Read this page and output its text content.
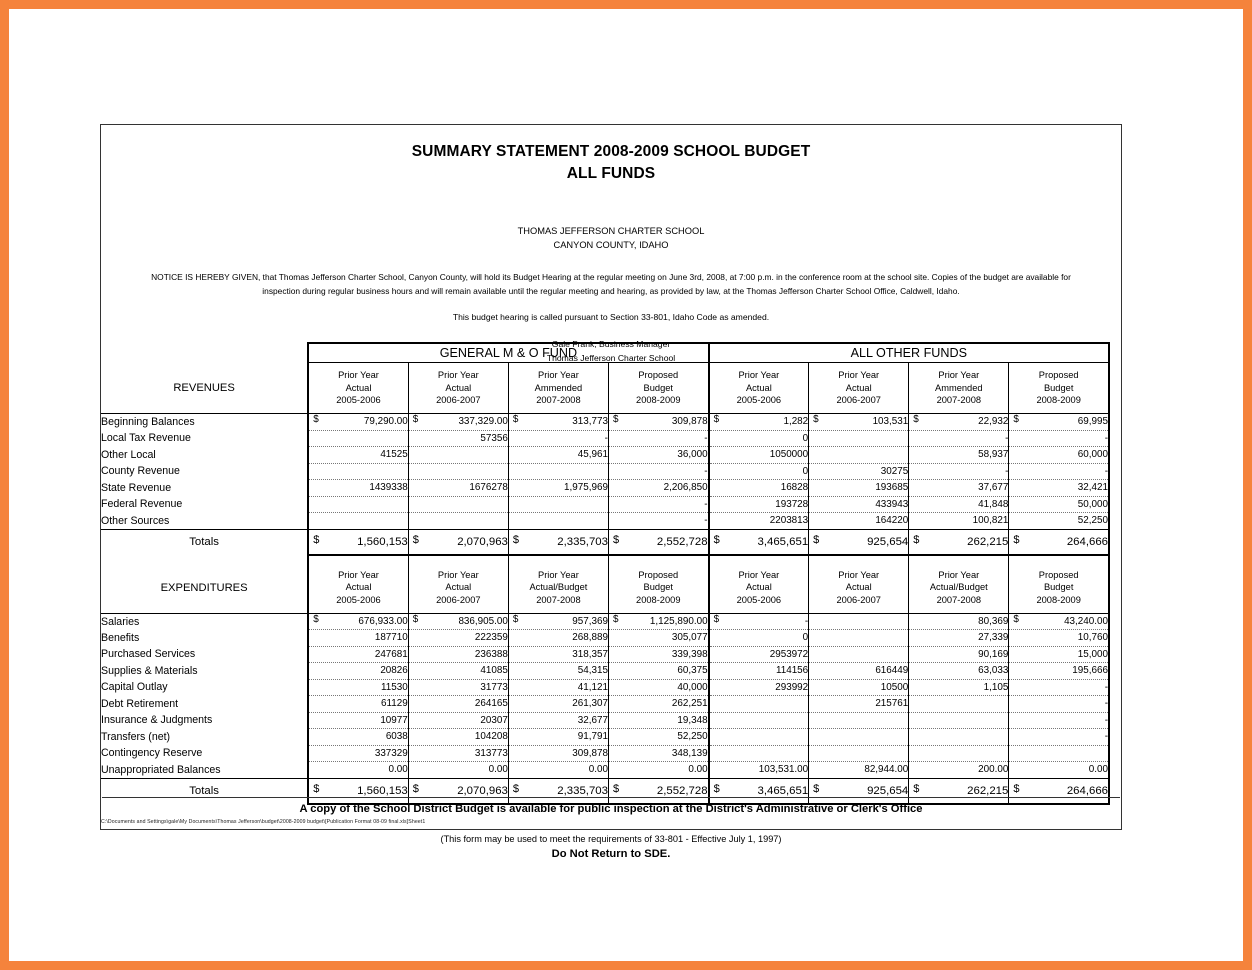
SUMMARY STATEMENT 2008-2009 SCHOOL BUDGET
ALL FUNDS
THOMAS JEFFERSON CHARTER SCHOOL
CANYON COUNTY, IDAHO
NOTICE IS HEREBY GIVEN, that Thomas Jefferson Charter School, Canyon County, will hold its Budget Hearing at the regular meeting on June 3rd, 2008, at 7:00 p.m. in the conference room at the school site. Copies of the budget are available for
inspection during regular business hours and will remain available until the regular meeting and hearing, as provided by law, at the Thomas Jefferson Charter School Office, Caldwell, Idaho.
This budget hearing is called pursuant to Section 33-801, Idaho Code as amended.
Gale Frank, Business Manager
Thomas Jefferson Charter School
	GENERAL M & O FUND				ALL OTHER FUNDS			
REVENUES	Prior Year
Actual
2005-2006	Prior Year
Actual
2006-2007	Prior Year
Ammended
2007-2008	Proposed
Budget
2008-2009	Prior Year
Actual
2005-2006	Prior Year
Actual
2006-2007	Prior Year
Ammended
2007-2008	Proposed
Budget
2008-2009
Beginning Balances	$ 79,290.00	$ 337,329.00	$ 313,773	$ 309,878	$ 1,282	$ 103,531	$ 22,932	$ 69,995
Local Tax Revenue		57356	-	-	0		-	-
Other Local	41525		45,961	36,000	1050000		58,937	60,000
County Revenue				-	0	30275	-	-
State Revenue	1439338	1676278	1,975,969	2,206,850	16828	193685	37,677	32,421
Federal Revenue				-	193728	433943	41,848	50,000
Other Sources				-	2203813	164220	100,821	52,250
Totals	$ 1,560,153	$ 2,070,963	$ 2,335,703	$ 2,552,728	$ 3,465,651	$ 925,654	$ 262,215	$ 264,666

EXPENDITURES	Prior Year
Actual
2005-2006	Prior Year
Actual
2006-2007	Prior Year
Actual/Budget
2007-2008	Proposed
Budget
2008-2009	Prior Year
Actual
2005-2006	Prior Year
Actual
2006-2007	Prior Year
Actual/Budget
2007-2008	Proposed
Budget
2008-2009
Salaries	$ 676,933.00	$ 836,905.00	$ 957,369	$ 1,125,890.00	$ -		80,369	$ 43,240.00
Benefits	187710	222359	268,889	305,077	0		27,339	10,760
Purchased Services	247681	236388	318,357	339,398	2953972		90,169	15,000
Supplies & Materials	20826	41085	54,315	60,375	114156	616449	63,033	195,666
Capital Outlay	11530	31773	41,121	40,000	293992	10500	1,105	-
Debt Retirement	61129	264165	261,307	262,251		215761		-
Insurance & Judgments	10977	20307	32,677	19,348				-
Transfers (net)	6038	104208	91,791	52,250				-
Contingency Reserve	337329	313773	309,878	348,139				
Unappropriated Balances	0.00	0.00	0.00	0.00	103,531.00	82,944.00	200.00	0.00
Totals	$ 1,560,153	$ 2,070,963	$ 2,335,703	$ 2,552,728	$ 3,465,651	$ 925,654	$ 262,215	$ 264,666
A copy of the School District Budget is available for public inspection at the District's Administrative or Clerk's Office
C:\Documents and Settings\gale\My Documents\Thomas Jefferson\budget\2008-2009 budget\[Publication Format 08-09 final.xls]Sheet1
(This form may be used to meet the requirements of 33-801 - Effective July 1, 1997)
Do Not Return to SDE.
